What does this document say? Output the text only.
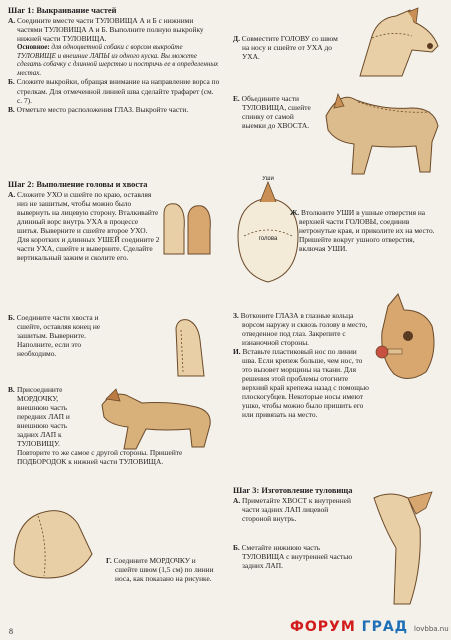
Шаг 1: Выкраивание частей

А. Соедините вместе части ТУЛОВИЩА А и Б с нижними частями ТУЛОВИЩА А и Б. Выполните полную выкройку нижней части ТУЛОВИЩА.

Основное: для одноцветной собаки с ворсом выкройте ТУЛОВИЩЕ и внешние ЛАПЫ из одного куска. Вы можете сделать собачку с длинной шерстью и постричь ее в определенных местах.

Б. Сложите выкройки, обращая внимание на направление ворса по стрелкам. Для отмеченной линией шва сделайте трафарет (см. с. 7).

В. Отметьте место расположения ГЛАЗ. Выкройте части.

Д. Совместите ГОЛОВУ со швом на носу и сшейте от УХА до УХА.

Е. Объедините части ТУЛОВИЩА, сшейте спинку от самой выемки до ХВОСТА.

Шаг 2: Выполнение головы и хвоста

А. Сложите УХО и сшейте по краю, оставляя низ не зашитым, чтобы можно было вывернуть на лицевую сторону. Вталкивайте длинный ворс внутрь УХА в процессе шитья. Выверните и сшейте второе УХО. Для коротких и длинных УШЕЙ соедините 2 части УХА, сшейте и выверните. Сделайте вертикальный зажим и сколите его.

Б. Соедините части хвоста и сшейте, оставляя конец не зашитым. Выверните. Наполните, если это необходимо.

В. Присоедините МОРДОЧКУ, внешнюю часть передних ЛАП и внешнюю часть задних ЛАП к ТУЛОВИЩУ. Повторите то же самое с другой стороны. Пришейте ПОДБОРОДОК к нижней части ТУЛОВИЩА.

Г. Соедините МОРДОЧКУ и сшейте швом (1,5 см) по линии носа, как показано на рисунке.

Уши
голова

Ж. Втолкните УШИ в ушные отверстия на верхней части ГОЛОВЫ, соединив нетронутые края, и приколите их на место. Пришейте вокруг ушного отверстия, включая УШИ.

З. Вотконите ГЛАЗА в глазные кольца ворсом наружу и сквозь голову в место, отведенное под глаз. Закрепите с изнаночной стороны.

И. Вставьте пластиковый нос по линии шва. Если крепеж больше, чем нос, то это вызовет морщины на ткани. Для решения этой проблемы отогните верхний край крепежа назад с помощью плоскогубцев. Некоторые носы имеют ушко, чтобы можно было пришить его или привязать на место.

Шаг 3: Изготовление туловища

А. Приметайте ХВОСТ к внутренней части задних ЛАП лицевой стороной внутрь.

Б. Сметайте нижнюю часть ТУЛОВИЩА с внутренней частью задних ЛАП.

8	ФОРУМ ГРАД lovbba.nu
